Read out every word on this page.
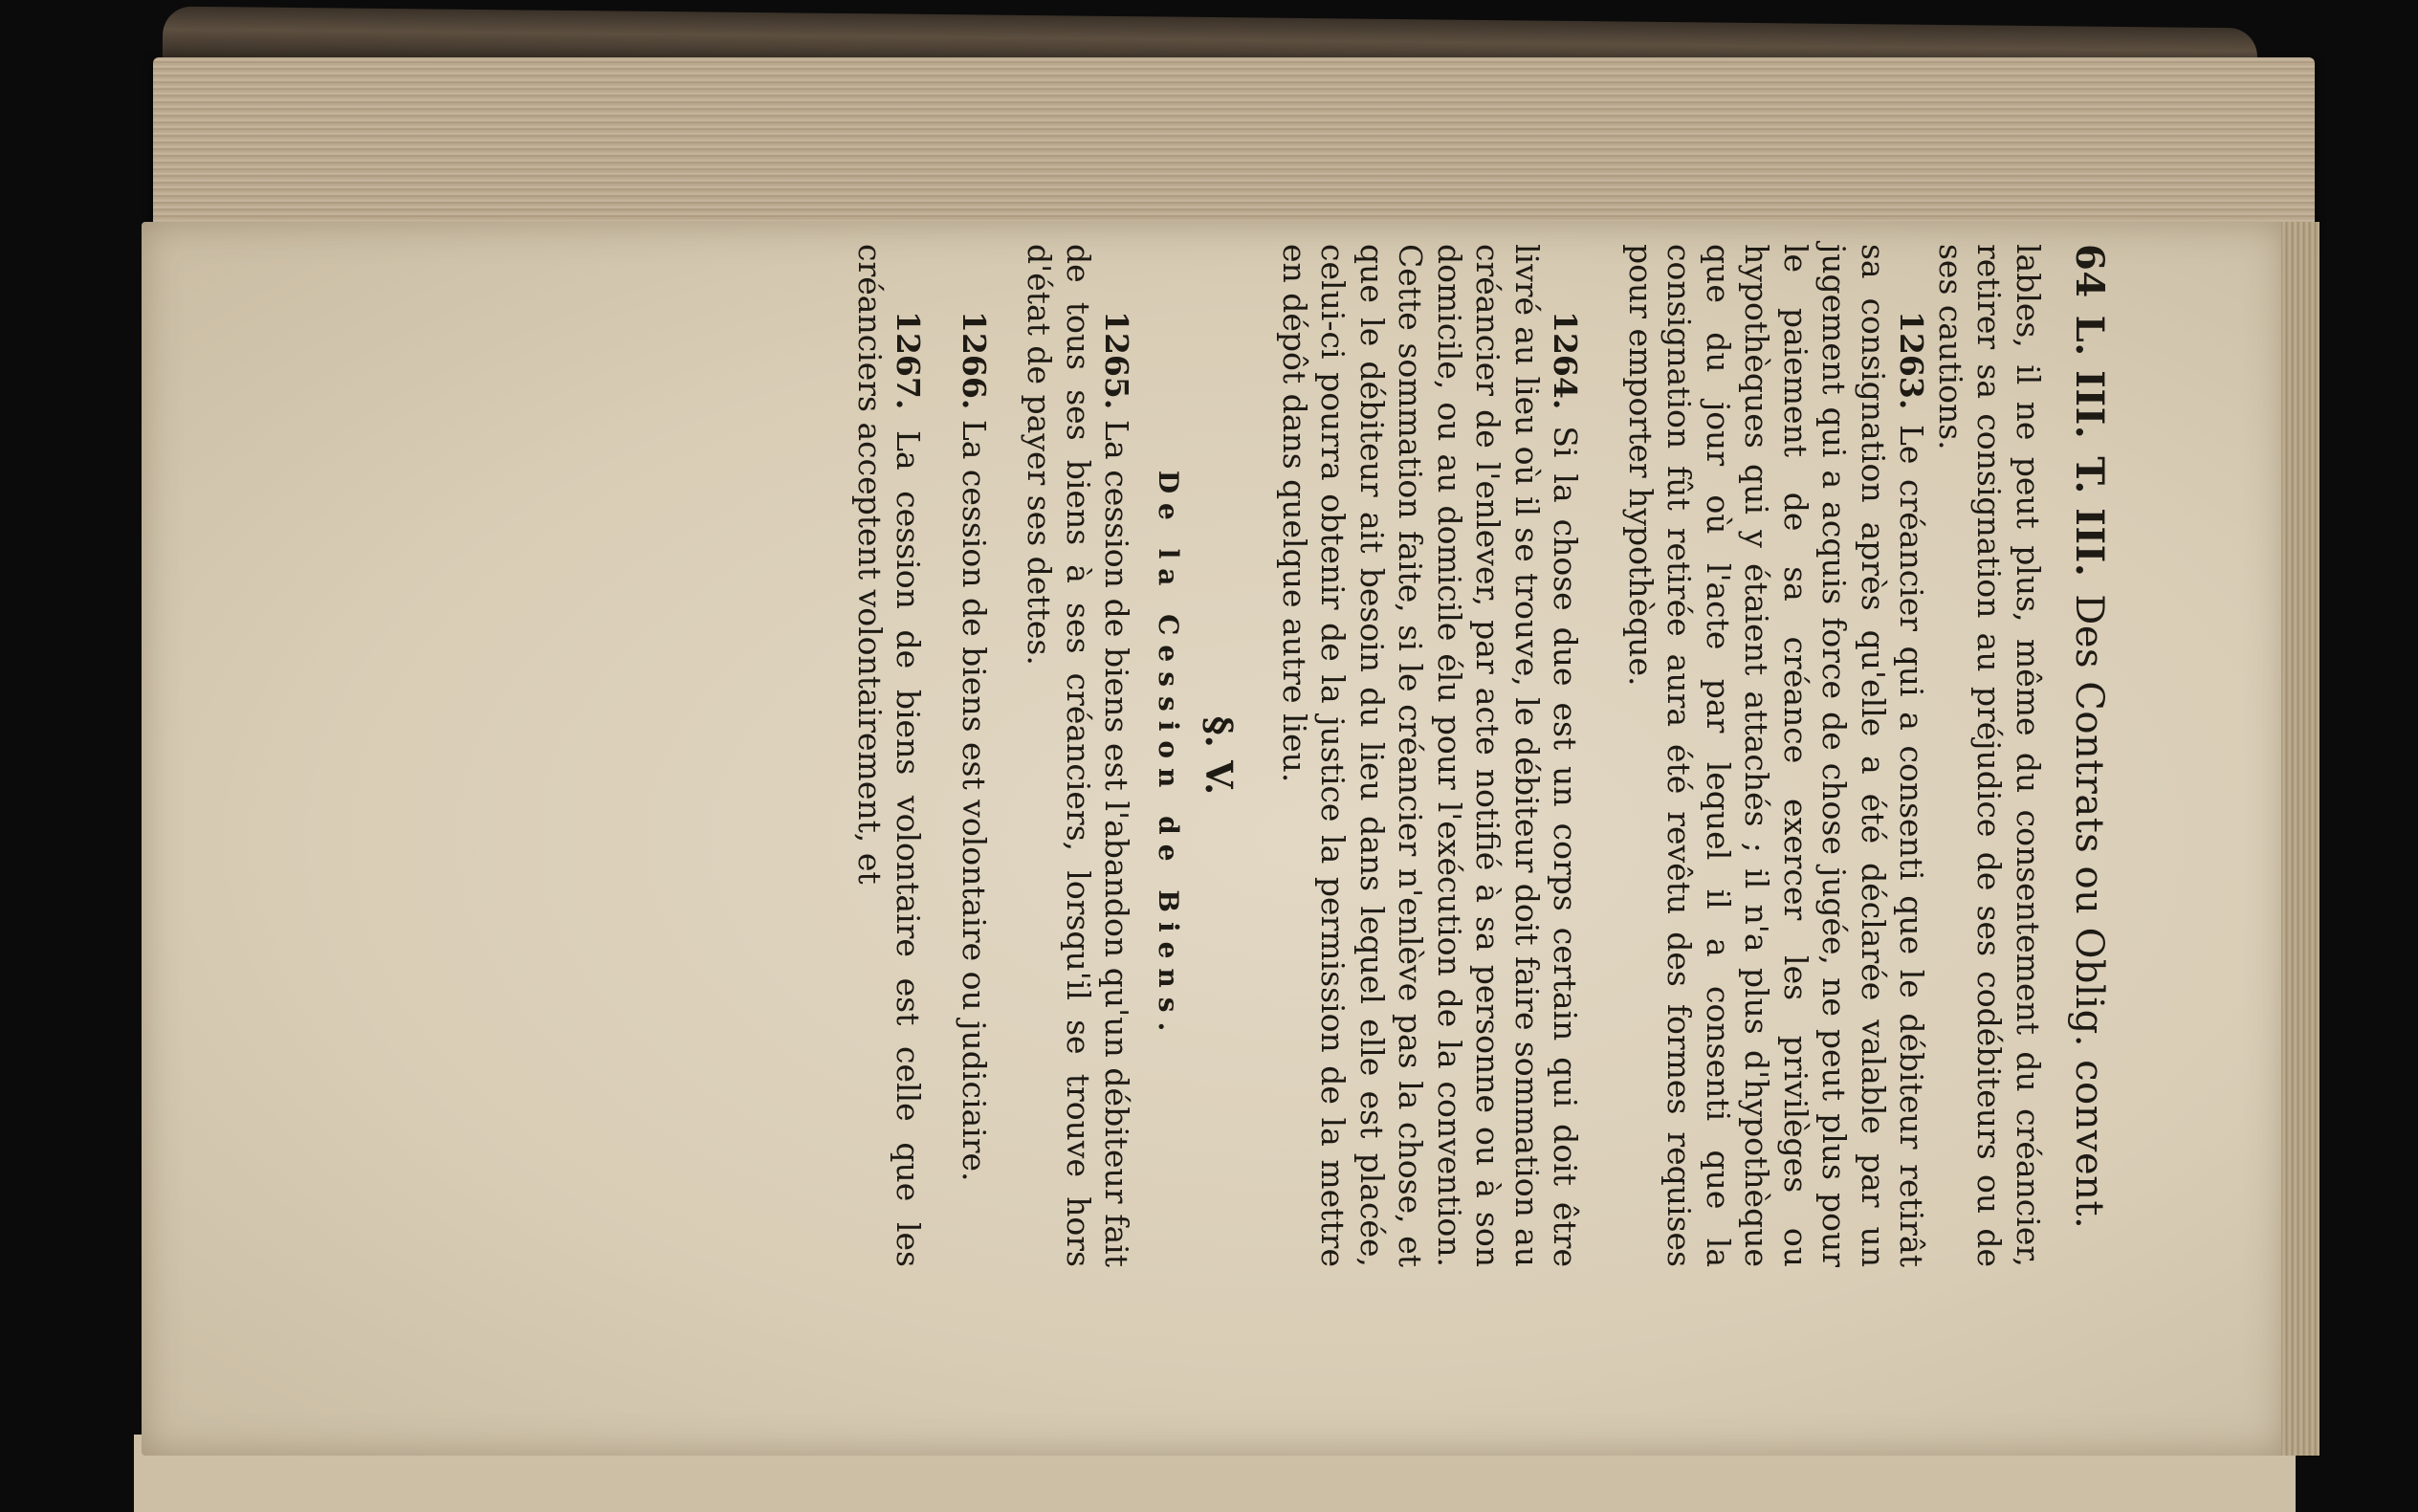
64
L. III.
T. III.
Des Contrats ou Oblig. convent.

lables, il ne peut plus, même du consentement du créancier, retirer sa consignation au préjudice de ses codébiteurs ou de ses cautions.

1263. Le créancier qui a consenti que le débiteur retirât sa consignation après qu'elle a été déclarée valable par un jugement qui a acquis force de chose jugée, ne peut plus pour le paiement de sa créance exercer les privilèges ou hypothèques qui y étaient attachés ; il n'a plus d'hypothèque que du jour où l'acte par lequel il a consenti que la consignation fût retirée aura été revêtu des formes requises pour emporter hypothèque.

1264. Si la chose due est un corps certain qui doit être livré au lieu où il se trouve, le débiteur doit faire sommation au créancier de l'enlever, par acte notifié à sa personne ou à son domicile, ou au domicile élu pour l'exécution de la convention. Cette sommation faite, si le créancier n'enlève pas la chose, et que le débiteur ait besoin du lieu dans lequel elle est placée, celui-ci pourra obtenir de la justice la permission de la mettre en dépôt dans quelque autre lieu.

§. V.
De la Cession de Biens.

1265. La cession de biens est l'abandon qu'un débiteur fait de tous ses biens à ses créanciers, lorsqu'il se trouve hors d'état de payer ses dettes.

1266. La cession de biens est volontaire ou judiciaire.

1267. La cession de biens volontaire est celle que les créanciers acceptent volontairement, et
